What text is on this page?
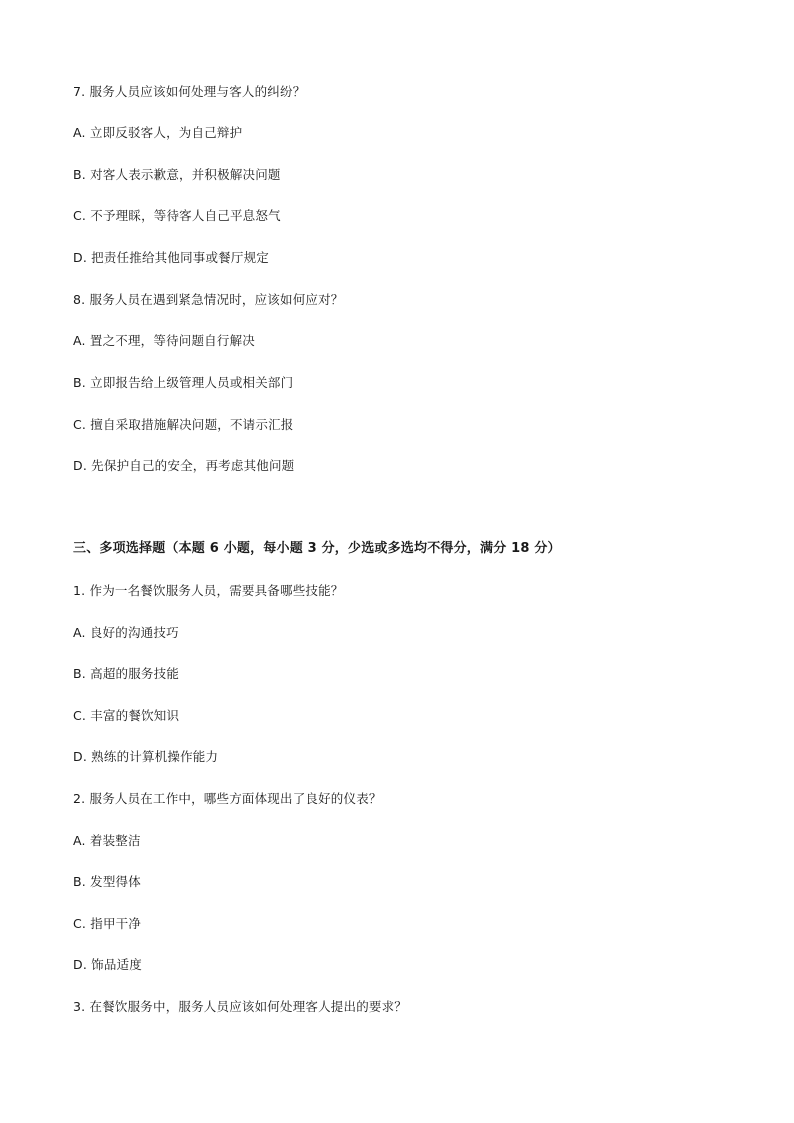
7. 服务人员应该如何处理与客人的纠纷？
A. 立即反驳客人，为自己辩护
B. 对客人表示歉意，并积极解决问题
C. 不予理睬，等待客人自己平息怒气
D. 把责任推给其他同事或餐厅规定
8. 服务人员在遇到紧急情况时，应该如何应对？
A. 置之不理，等待问题自行解决
B. 立即报告给上级管理人员或相关部门
C. 擅自采取措施解决问题，不请示汇报
D. 先保护自己的安全，再考虑其他问题
三、多项选择题（本题 6 小题，每小题 3 分，少选或多选均不得分，满分 18 分）
1. 作为一名餐饮服务人员，需要具备哪些技能？
A. 良好的沟通技巧
B. 高超的服务技能
C. 丰富的餐饮知识
D. 熟练的计算机操作能力
2. 服务人员在工作中，哪些方面体现出了良好的仪表？
A. 着装整洁
B. 发型得体
C. 指甲干净
D. 饰品适度
3. 在餐饮服务中，服务人员应该如何处理客人提出的要求？
